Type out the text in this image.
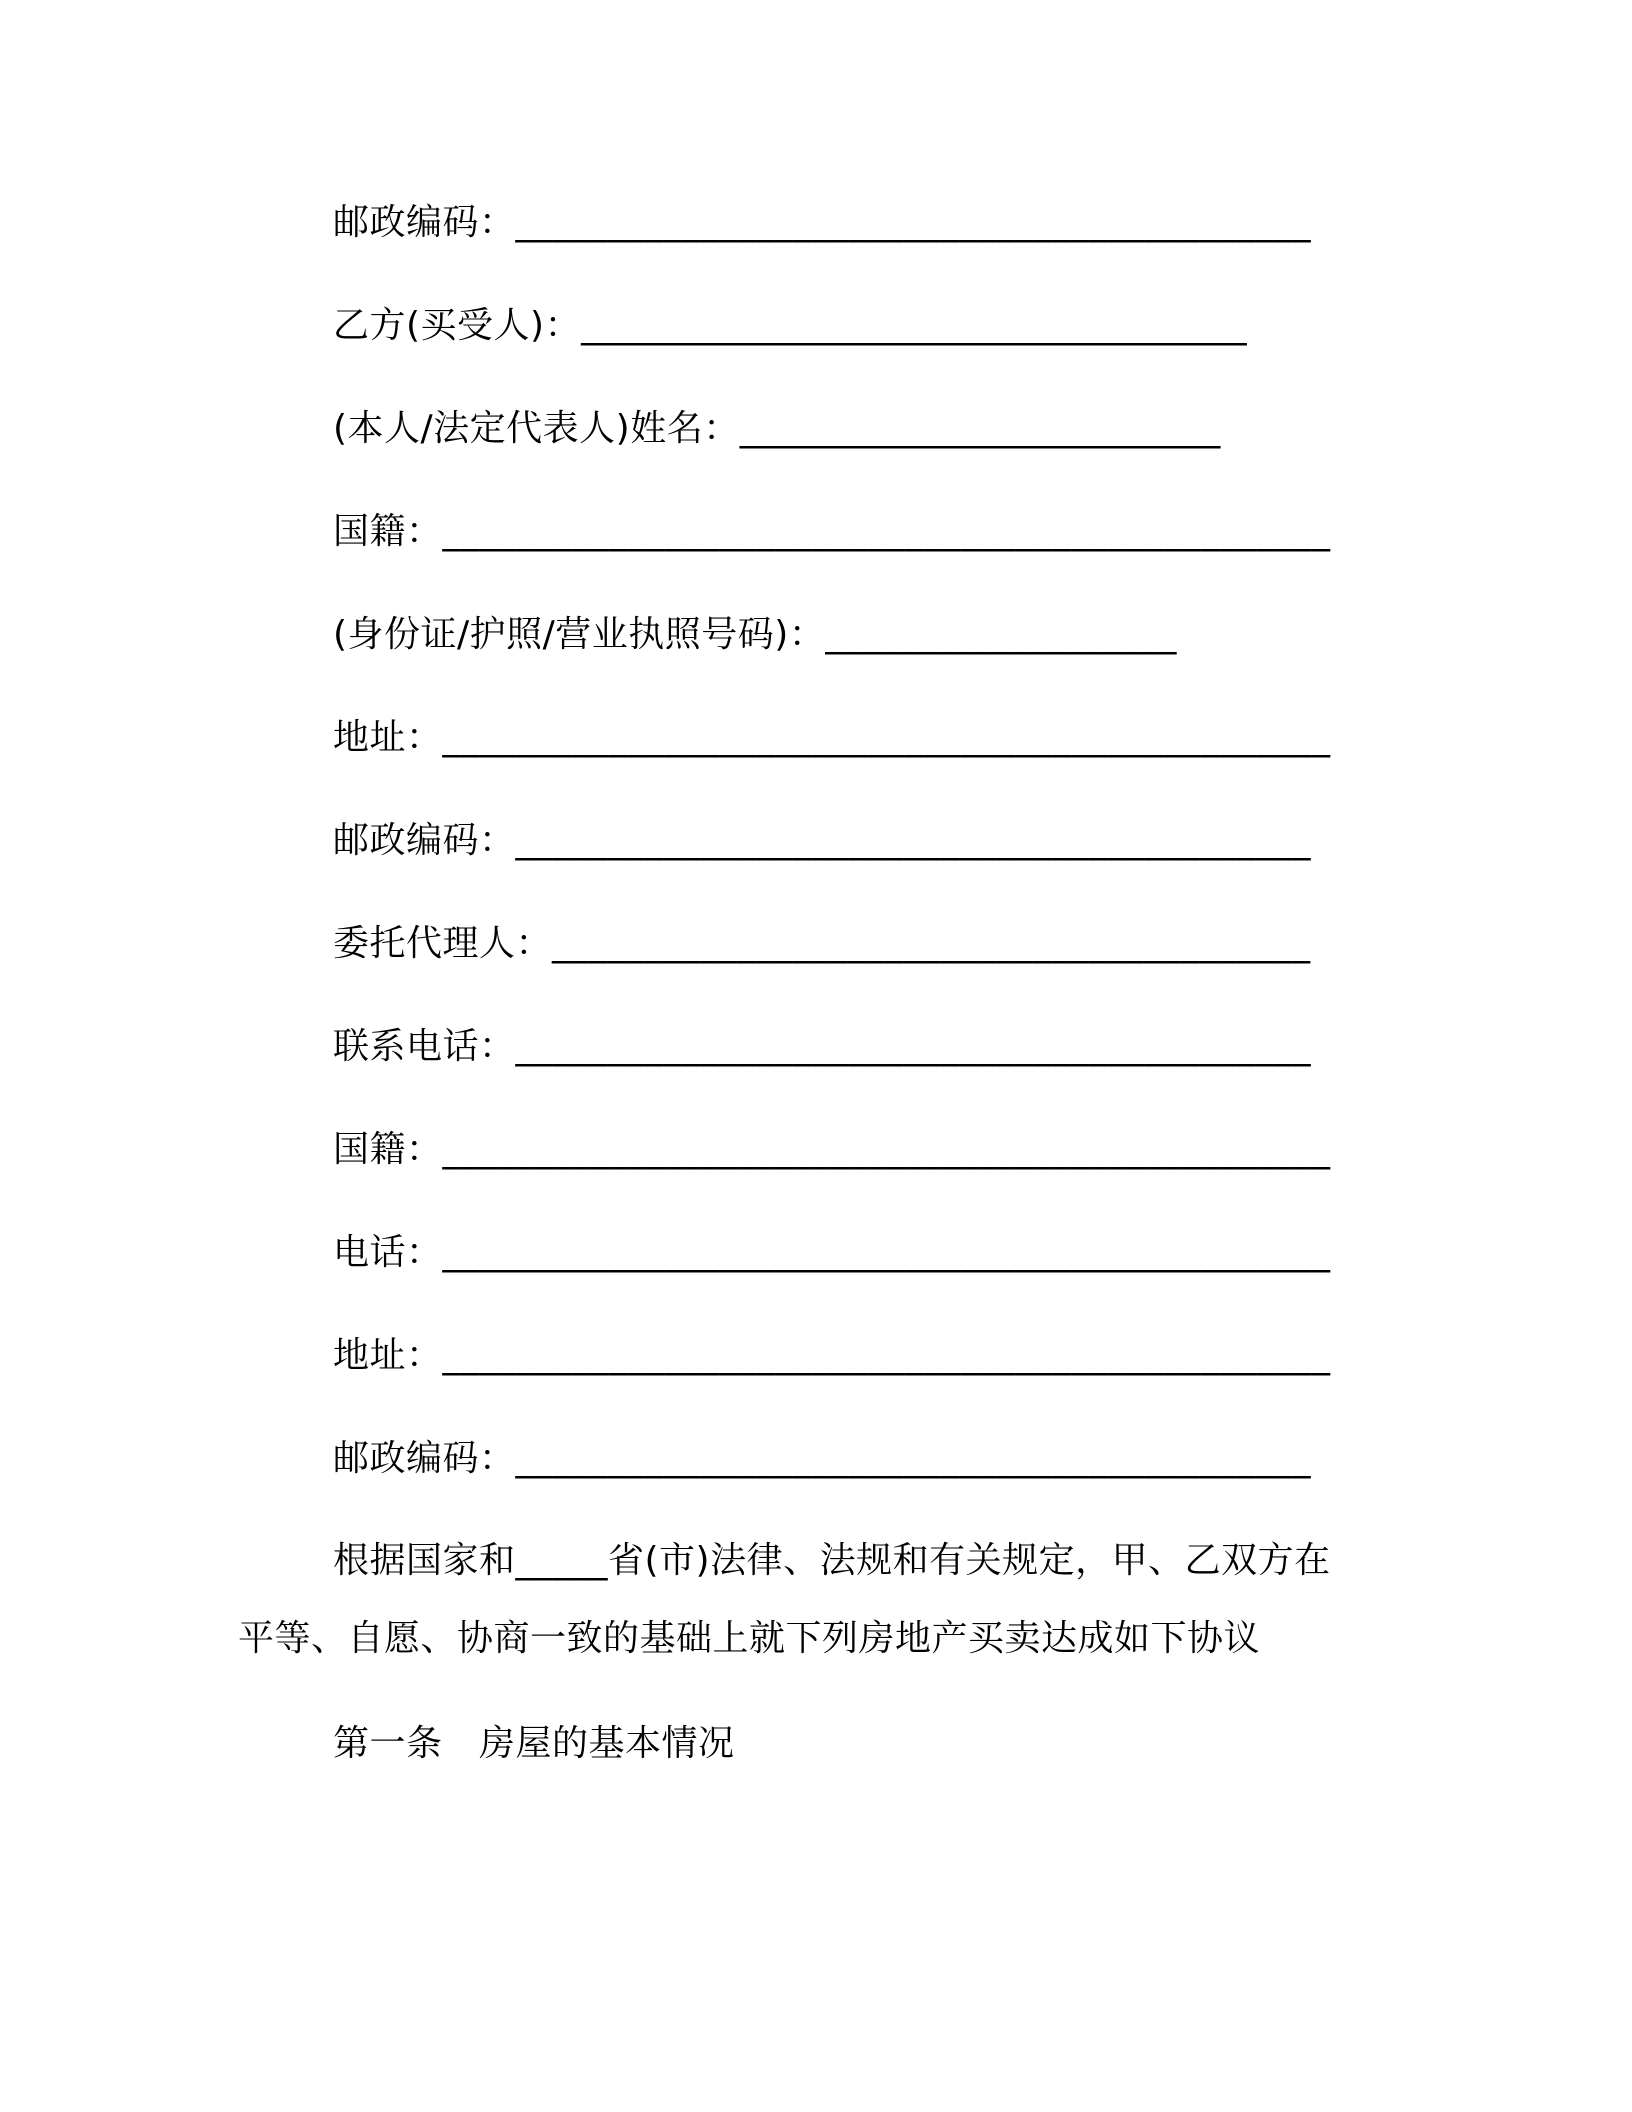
邮政编码：___________________________________________
乙方(买受人)：____________________________________
(本人/法定代表人)姓名：__________________________
国籍：________________________________________________
(身份证/护照/营业执照号码)：___________________
地址：________________________________________________
邮政编码：___________________________________________
委托代理人：_________________________________________
联系电话：___________________________________________
国籍：________________________________________________
电话：________________________________________________
地址：________________________________________________
邮政编码：___________________________________________
根据国家和_____省(市)法律、法规和有关规定，甲、乙双方在平等、自愿、协商一致的基础上就下列房地产买卖达成如下协议
第一条　房屋的基本情况
